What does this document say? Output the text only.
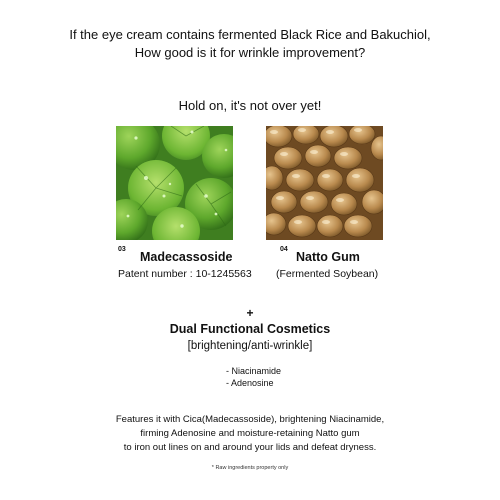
If the eye cream contains fermented Black Rice and Bakuchiol,
How good is it for wrinkle improvement?
Hold on, it's not over yet!
03
Madecassoside
Patent number : 10-1245563
04
Natto Gum
(Fermented Soybean)
+
Dual Functional Cosmetics
[brightening/anti-wrinkle]
- Niacinamide
- Adenosine
Features it with Cica(Madecassoside), brightening Niacinamide,
firming Adenosine and moisture-retaining Natto gum
to iron out lines on and around your lids and defeat dryness.
* Raw ingredients property only
